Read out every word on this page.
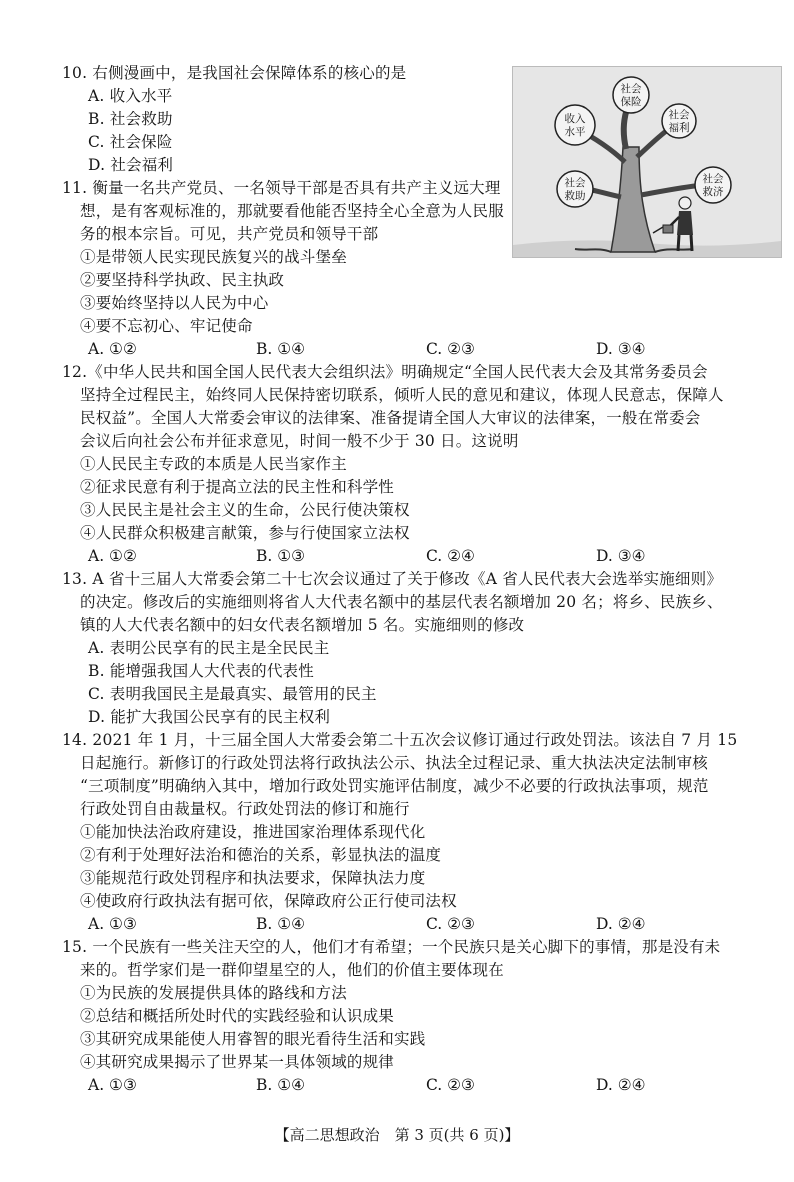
10. 右侧漫画中，是我国社会保障体系的核心的是
A. 收入水平
B. 社会救助
C. 社会保险
D. 社会福利
社会
保险
收入
水平
社会
福利
社会
救助
社会
救济
11. 衡量一名共产党员、一名领导干部是否具有共产主义远大理
想，是有客观标准的，那就要看他能否坚持全心全意为人民服
务的根本宗旨。可见，共产党员和领导干部
①是带领人民实现民族复兴的战斗堡垒
②要坚持科学执政、民主执政
③要始终坚持以人民为中心
④要不忘初心、牢记使命
A. ①②	B. ①④	C. ②③	D. ③④
12.《中华人民共和国全国人民代表大会组织法》明确规定“全国人民代表大会及其常务委员会
坚持全过程民主，始终同人民保持密切联系，倾听人民的意见和建议，体现人民意志，保障人
民权益”。全国人大常委会审议的法律案、准备提请全国人大审议的法律案，一般在常委会
会议后向社会公布并征求意见，时间一般不少于 30 日。这说明
①人民民主专政的本质是人民当家作主
②征求民意有利于提高立法的民主性和科学性
③人民民主是社会主义的生命，公民行使决策权
④人民群众积极建言献策，参与行使国家立法权
A. ①②	B. ①③	C. ②④	D. ③④
13. A 省十三届人大常委会第二十七次会议通过了关于修改《A 省人民代表大会选举实施细则》
的决定。修改后的实施细则将省人大代表名额中的基层代表名额增加 20 名；将乡、民族乡、
镇的人大代表名额中的妇女代表名额增加 5 名。实施细则的修改
A. 表明公民享有的民主是全民民主
B. 能增强我国人大代表的代表性
C. 表明我国民主是最真实、最管用的民主
D. 能扩大我国公民享有的民主权利
14. 2021 年 1 月，十三届全国人大常委会第二十五次会议修订通过行政处罚法。该法自 7 月 15
日起施行。新修订的行政处罚法将行政执法公示、执法全过程记录、重大执法决定法制审核
“三项制度”明确纳入其中，增加行政处罚实施评估制度，减少不必要的行政执法事项，规范
行政处罚自由裁量权。行政处罚法的修订和施行
①能加快法治政府建设，推进国家治理体系现代化
②有利于处理好法治和德治的关系，彰显执法的温度
③能规范行政处罚程序和执法要求，保障执法力度
④使政府行政执法有据可依，保障政府公正行使司法权
A. ①③	B. ①④	C. ②③	D. ②④
15. 一个民族有一些关注天空的人，他们才有希望；一个民族只是关心脚下的事情，那是没有未
来的。哲学家们是一群仰望星空的人，他们的价值主要体现在
①为民族的发展提供具体的路线和方法
②总结和概括所处时代的实践经验和认识成果
③其研究成果能使人用睿智的眼光看待生活和实践
④其研究成果揭示了世界某一具体领域的规律
A. ①③	B. ①④	C. ②③	D. ②④
【高二思想政治　第 3 页(共 6 页)】
